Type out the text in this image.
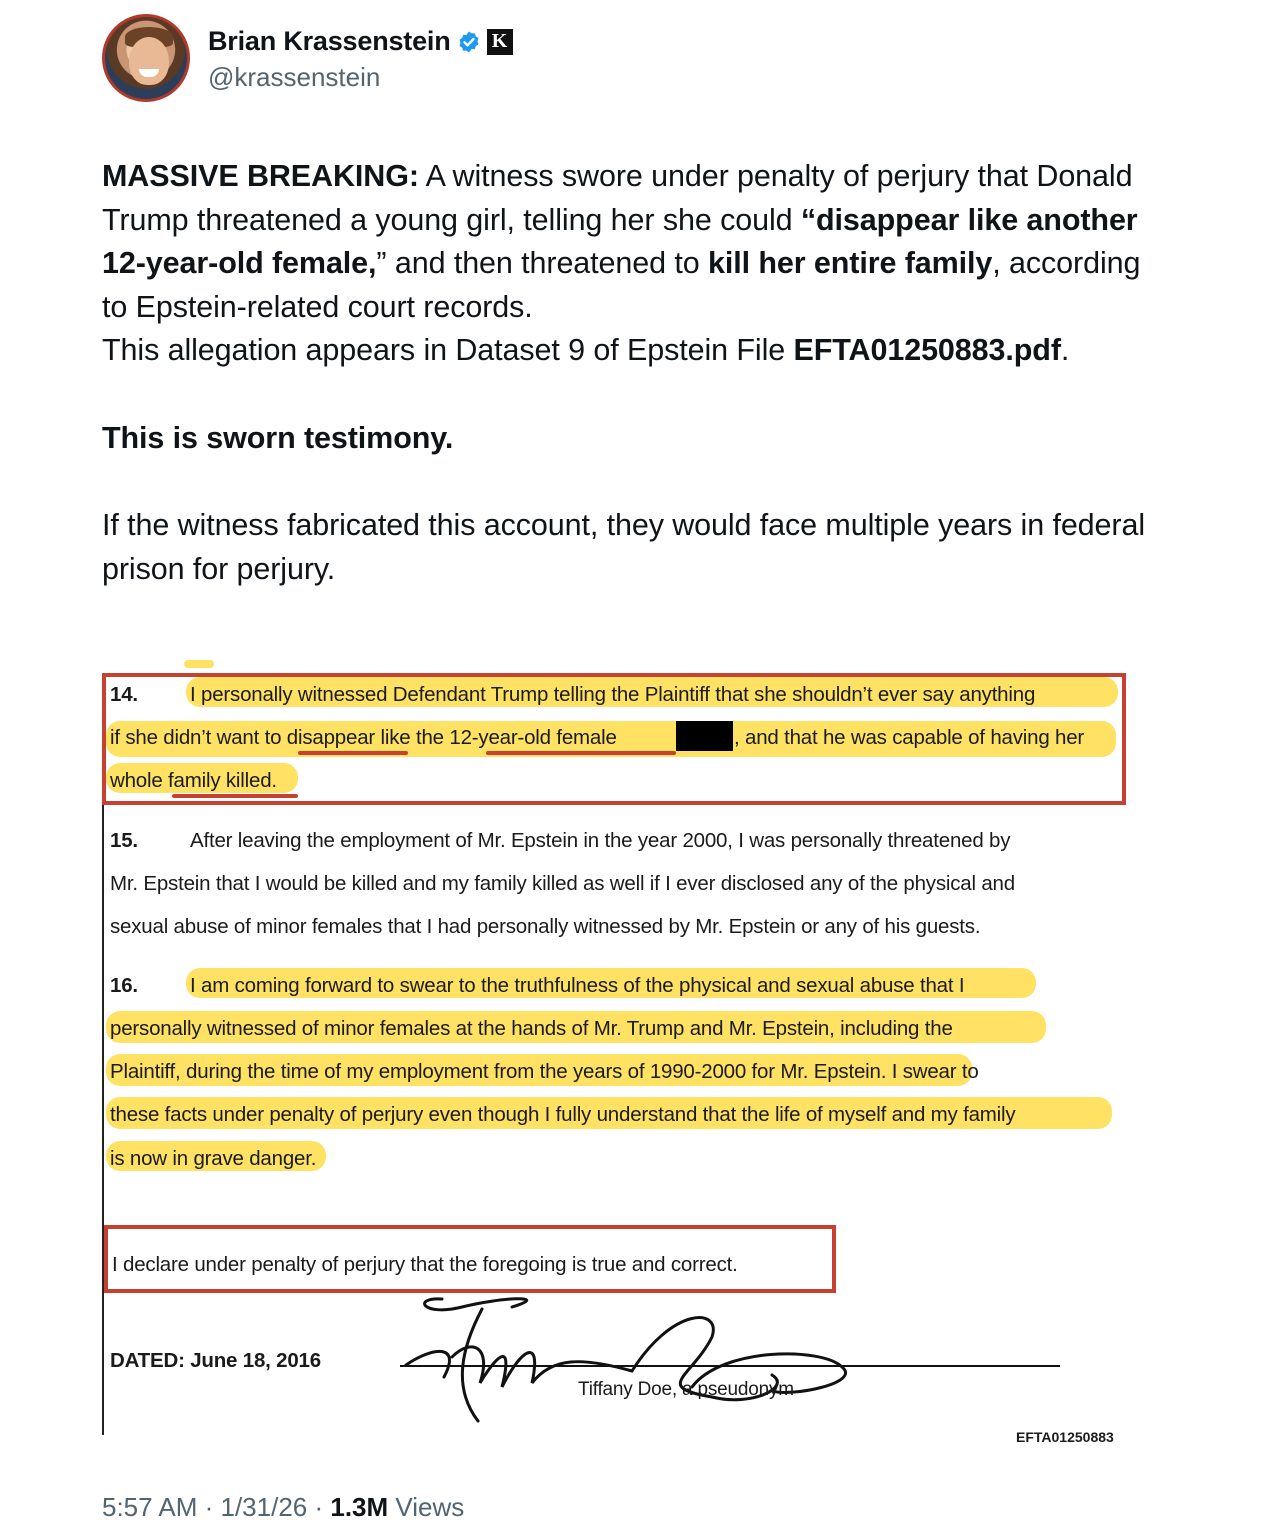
Brian Krassenstein K
@krassenstein

MASSIVE BREAKING: A witness swore under penalty of perjury that Donald Trump threatened a young girl, telling her she could “disappear like another 12-year-old female,” and then threatened to kill her entire family, according to Epstein-related court records.

This allegation appears in Dataset 9 of Epstein File EFTA01250883.pdf.

This is sworn testimony.

If the witness fabricated this account, they would face multiple years in federal prison for perjury.

14.	I personally witnessed Defendant Trump telling the Plaintiff that she shouldn’t ever say anything
if she didn’t want to disappear like the 12-year-old female	, and that he was capable of having her
whole family killed.
15.	After leaving the employment of Mr. Epstein in the year 2000, I was personally threatened by
Mr. Epstein that I would be killed and my family killed as well if I ever disclosed any of the physical and
sexual abuse of minor females that I had personally witnessed by Mr. Epstein or any of his guests.
16.	I am coming forward to swear to the truthfulness of the physical and sexual abuse that I
personally witnessed of minor females at the hands of Mr. Trump and Mr. Epstein, including the
Plaintiff, during the time of my employment from the years of 1990-2000 for Mr. Epstein. I swear to
these facts under penalty of perjury even though I fully understand that the life of myself and my family
is now in grave danger.
I declare under penalty of perjury that the foregoing is true and correct.
DATED: June 18, 2016
Tiffany Doe, a pseudonym
EFTA01250883
5:57 AM · 1/31/26 · 1.3M Views
